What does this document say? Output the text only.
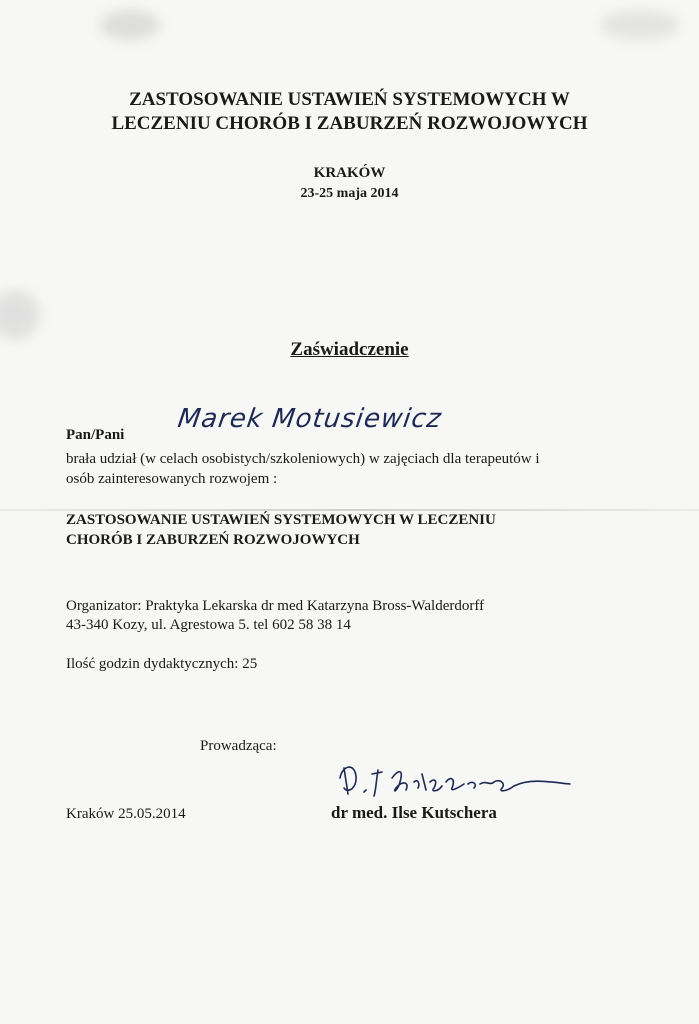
ZASTOSOWANIE USTAWIEŃ SYSTEMOWYCH W
LECZENIU CHORÓB I ZABURZEŃ ROZWOJOWYCH
KRAKÓW
23-25 maja 2014
Zaświadczenie
Pan/Pani
Marek Motusiewicz
brała udział (w celach osobistych/szkoleniowych) w zajęciach dla terapeutów i
osób zainteresowanych rozwojem :
ZASTOSOWANIE USTAWIEŃ SYSTEMOWYCH W LECZENIU
CHORÓB I ZABURZEŃ ROZWOJOWYCH
Organizator: Praktyka Lekarska dr med Katarzyna Bross-Walderdorff
43-340 Kozy, ul. Agrestowa 5. tel 602 58 38 14
Ilość godzin dydaktycznych: 25
Prowadząca:
Kraków 25.05.2014	dr med. Ilse Kutschera
